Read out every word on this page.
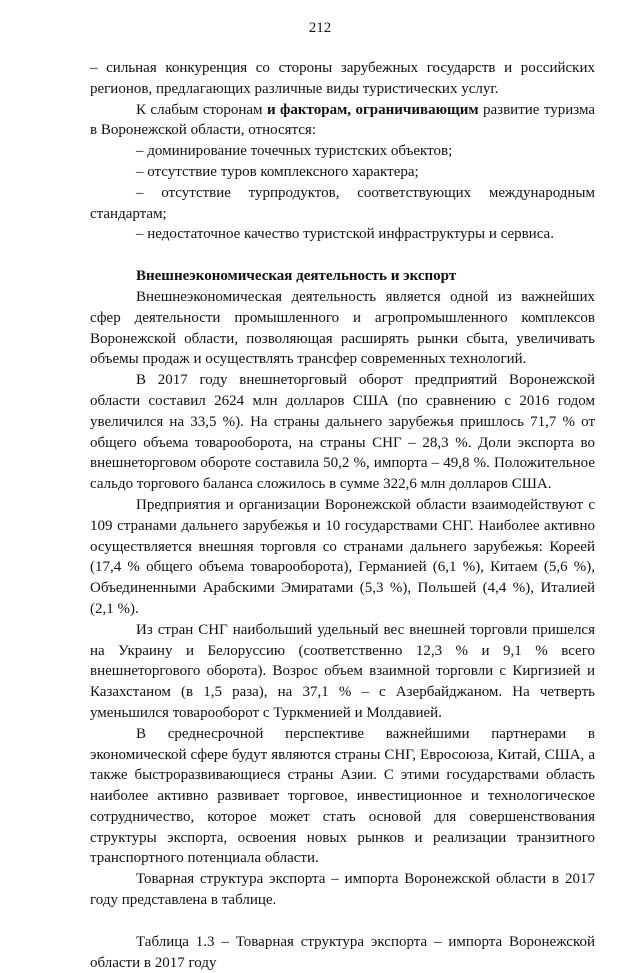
212

– сильная конкуренция со стороны зарубежных государств и российских регионов, предлагающих различные виды туристических услуг.

К слабым сторонам и факторам, ограничивающим развитие туризма в Воронежской области, относятся:

– доминирование точечных туристских объектов;

– отсутствие туров комплексного характера;

– отсутствие турпродуктов, соответствующих международным стандартам;

– недостаточное качество туристской инфраструктуры и сервиса.

Внешнеэкономическая деятельность и экспорт

Внешнеэкономическая деятельность является одной из важнейших сфер деятельности промышленного и агропромышленного комплексов Воронежской области, позволяющая расширять рынки сбыта, увеличивать объемы продаж и осуществлять трансфер современных технологий.

В 2017 году внешнеторговый оборот предприятий Воронежской области составил 2624 млн долларов США (по сравнению с 2016 годом увеличился на 33,5 %). На страны дальнего зарубежья пришлось 71,7 % от общего объема товарооборота, на страны СНГ – 28,3 %. Доли экспорта во внешнеторговом обороте составила 50,2 %, импорта – 49,8 %. Положительное сальдо торгового баланса сложилось в сумме 322,6 млн долларов США.

Предприятия и организации Воронежской области взаимодействуют с 109 странами дальнего зарубежья и 10 государствами СНГ. Наиболее активно осуществляется внешняя торговля со странами дальнего зарубежья: Кореей (17,4 % общего объема товарооборота), Германией (6,1 %), Китаем (5,6 %), Объединенными Арабскими Эмиратами (5,3 %), Польшей (4,4 %), Италией (2,1 %).

Из стран СНГ наибольший удельный вес внешней торговли пришелся на Украину и Белоруссию (соответственно 12,3 % и 9,1 % всего внешнеторгового оборота). Возрос объем взаимной торговли с Киргизией и Казахстаном (в 1,5 раза), на 37,1 % – с Азербайджаном. На четверть уменьшился товарооборот с Туркменией и Молдавией.

В среднесрочной перспективе важнейшими партнерами в экономической сфере будут являются страны СНГ, Евросоюза, Китай, США, а также быстроразвивающиеся страны Азии. С этими государствами область наиболее активно развивает торговое, инвестиционное и технологическое сотрудничество, которое может стать основой для совершенствования структуры экспорта, освоения новых рынков и реализации транзитного транспортного потенциала области.

Товарная структура экспорта – импорта Воронежской области в 2017 году представлена в таблице.

Таблица 1.3 – Товарная структура экспорта – импорта Воронежской области в 2017 году
